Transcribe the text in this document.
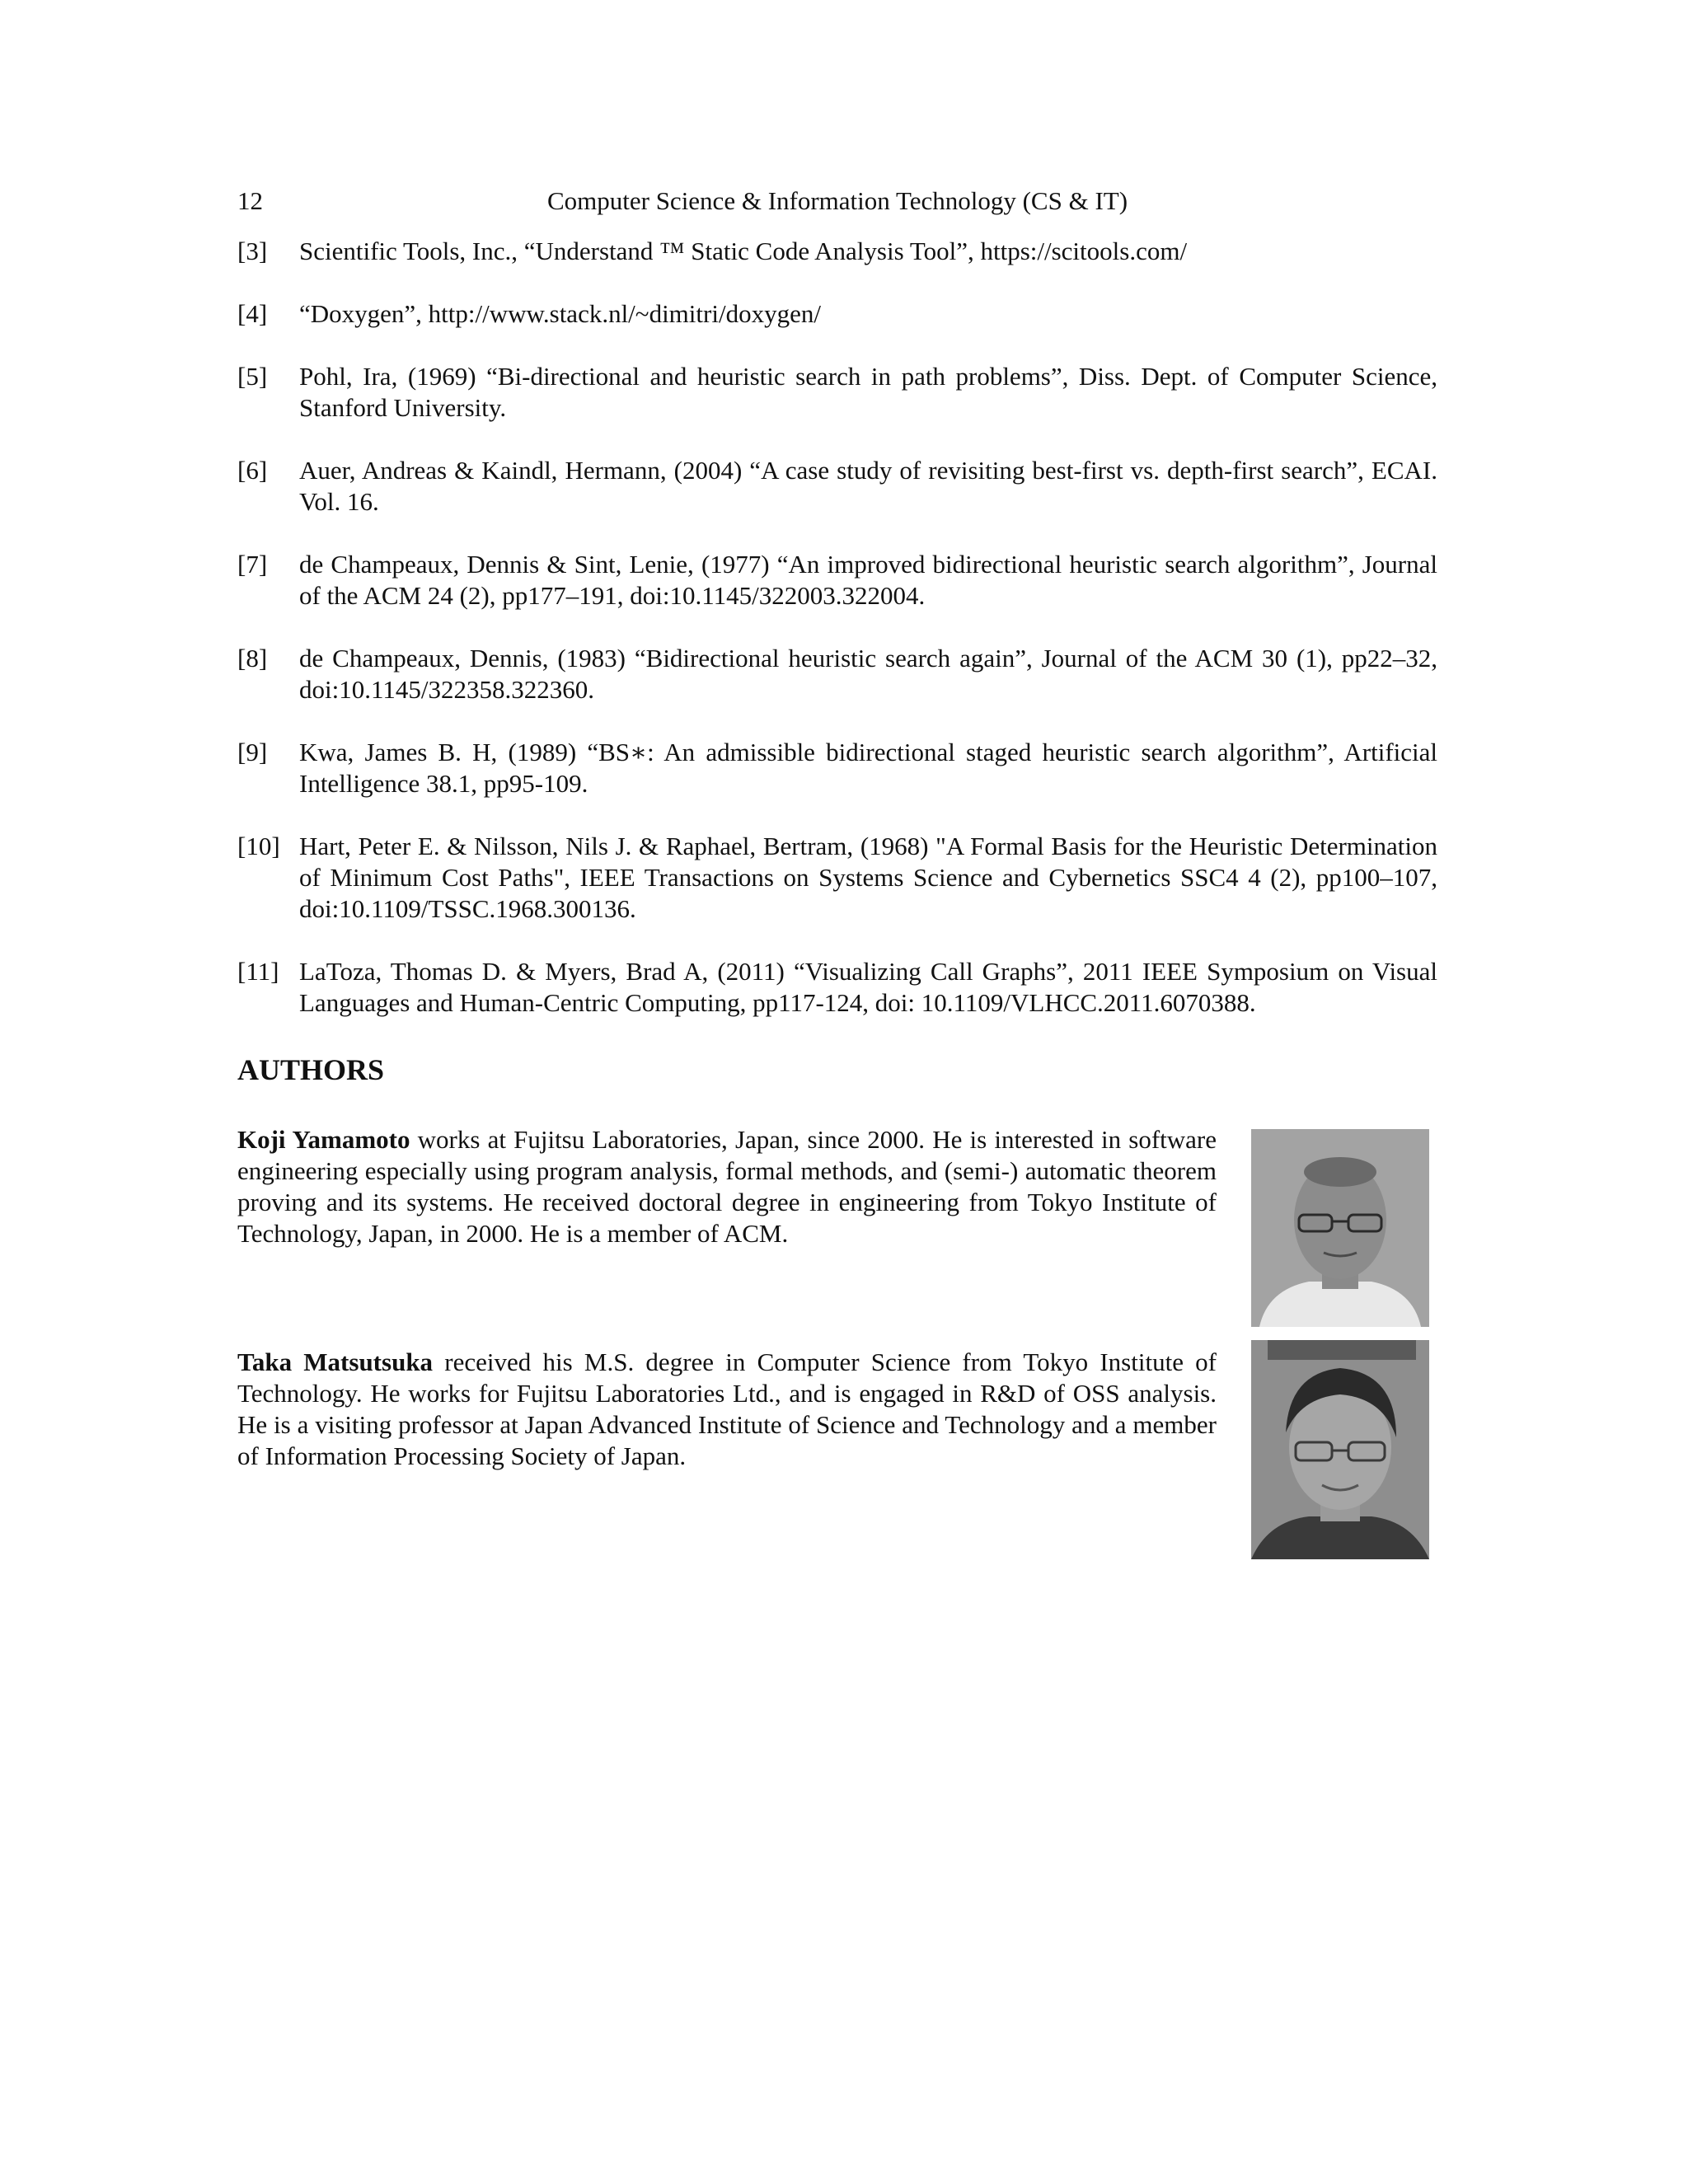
12	Computer Science & Information Technology (CS & IT)
[3]	Scientific Tools, Inc., “Understand ™ Static Code Analysis Tool”, https://scitools.com/
[4]	“Doxygen”, http://www.stack.nl/~dimitri/doxygen/
[5]	Pohl, Ira, (1969) “Bi-directional and heuristic search in path problems”, Diss. Dept. of Computer Science, Stanford University.
[6]	Auer, Andreas & Kaindl, Hermann, (2004) “A case study of revisiting best-first vs. depth-first search”, ECAI. Vol. 16.
[7]	de Champeaux, Dennis & Sint, Lenie, (1977) “An improved bidirectional heuristic search algorithm”, Journal of the ACM 24 (2), pp177–191, doi:10.1145/322003.322004.
[8]	de Champeaux, Dennis, (1983) “Bidirectional heuristic search again”, Journal of the ACM 30 (1), pp22–32, doi:10.1145/322358.322360.
[9]	Kwa, James B. H, (1989) “BS∗: An admissible bidirectional staged heuristic search algorithm”, Artificial Intelligence 38.1, pp95-109.
[10] Hart, Peter E. & Nilsson, Nils J. & Raphael, Bertram, (1968) "A Formal Basis for the Heuristic Determination of Minimum Cost Paths", IEEE Transactions on Systems Science and Cybernetics SSC4 4 (2), pp100–107, doi:10.1109/TSSC.1968.300136.
[11] LaToza, Thomas D. & Myers, Brad A, (2011) “Visualizing Call Graphs”, 2011 IEEE Symposium on Visual Languages and Human-Centric Computing, pp117-124, doi: 10.1109/VLHCC.2011.6070388.
AUTHORS
Koji Yamamoto works at Fujitsu Laboratories, Japan, since 2000. He is interested in software engineering especially using program analysis, formal methods, and (semi-) automatic theorem proving and its systems. He received doctoral degree in engineering from Tokyo Institute of Technology, Japan, in 2000. He is a member of ACM.
Taka Matsutsuka received his M.S. degree in Computer Science from Tokyo Institute of Technology. He works for Fujitsu Laboratories Ltd., and is engaged in R&D of OSS analysis. He is a visiting professor at Japan Advanced Institute of Science and Technology and a member of Information Processing Society of Japan.
